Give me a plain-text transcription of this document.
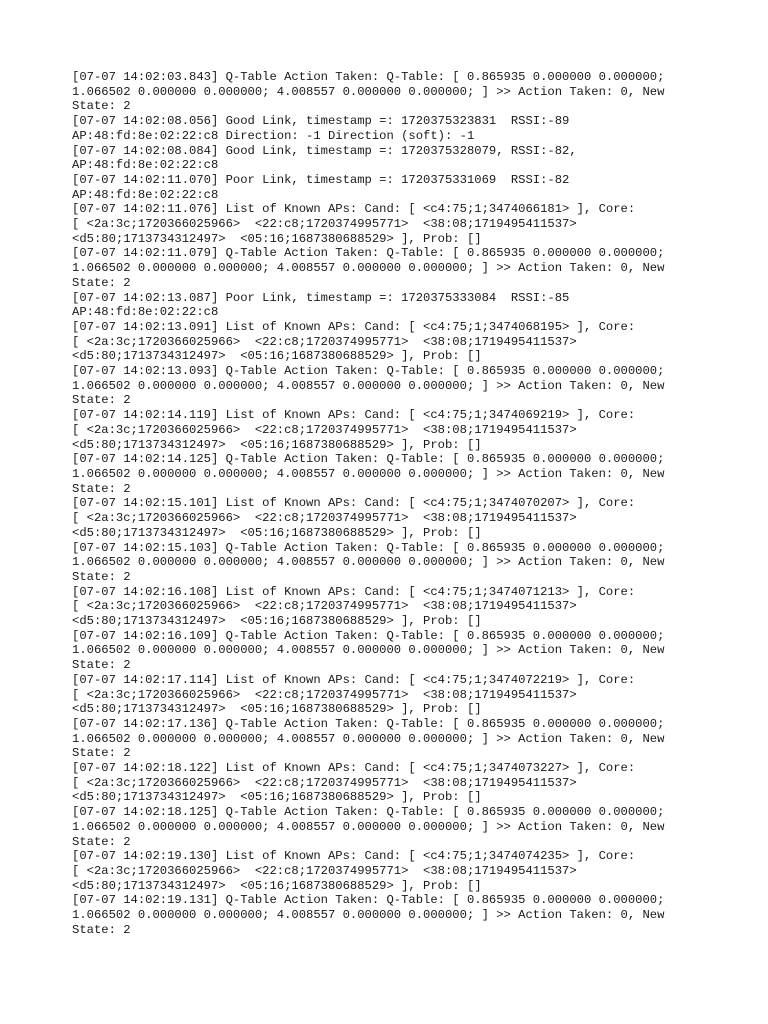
[07-07 14:02:03.843] Q-Table Action Taken: Q-Table: [ 0.865935 0.000000 0.000000;
1.066502 0.000000 0.000000; 4.008557 0.000000 0.000000; ] >> Action Taken: 0, New
State: 2
[07-07 14:02:08.056] Good Link, timestamp =: 1720375323831  RSSI:-89
AP:48:fd:8e:02:22:c8 Direction: -1 Direction (soft): -1
[07-07 14:02:08.084] Good Link, timestamp =: 1720375328079, RSSI:-82,
AP:48:fd:8e:02:22:c8
[07-07 14:02:11.070] Poor Link, timestamp =: 1720375331069  RSSI:-82
AP:48:fd:8e:02:22:c8
[07-07 14:02:11.076] List of Known APs: Cand: [ <c4:75;1;3474066181> ], Core:
[ <2a:3c;1720366025966>  <22:c8;1720374995771>  <38:08;1719495411537>
<d5:80;1713734312497>  <05:16;1687380688529> ], Prob: []
[07-07 14:02:11.079] Q-Table Action Taken: Q-Table: [ 0.865935 0.000000 0.000000;
1.066502 0.000000 0.000000; 4.008557 0.000000 0.000000; ] >> Action Taken: 0, New
State: 2
[07-07 14:02:13.087] Poor Link, timestamp =: 1720375333084  RSSI:-85
AP:48:fd:8e:02:22:c8
[07-07 14:02:13.091] List of Known APs: Cand: [ <c4:75;1;3474068195> ], Core:
[ <2a:3c;1720366025966>  <22:c8;1720374995771>  <38:08;1719495411537>
<d5:80;1713734312497>  <05:16;1687380688529> ], Prob: []
[07-07 14:02:13.093] Q-Table Action Taken: Q-Table: [ 0.865935 0.000000 0.000000;
1.066502 0.000000 0.000000; 4.008557 0.000000 0.000000; ] >> Action Taken: 0, New
State: 2
[07-07 14:02:14.119] List of Known APs: Cand: [ <c4:75;1;3474069219> ], Core:
[ <2a:3c;1720366025966>  <22:c8;1720374995771>  <38:08;1719495411537>
<d5:80;1713734312497>  <05:16;1687380688529> ], Prob: []
[07-07 14:02:14.125] Q-Table Action Taken: Q-Table: [ 0.865935 0.000000 0.000000;
1.066502 0.000000 0.000000; 4.008557 0.000000 0.000000; ] >> Action Taken: 0, New
State: 2
[07-07 14:02:15.101] List of Known APs: Cand: [ <c4:75;1;3474070207> ], Core:
[ <2a:3c;1720366025966>  <22:c8;1720374995771>  <38:08;1719495411537>
<d5:80;1713734312497>  <05:16;1687380688529> ], Prob: []
[07-07 14:02:15.103] Q-Table Action Taken: Q-Table: [ 0.865935 0.000000 0.000000;
1.066502 0.000000 0.000000; 4.008557 0.000000 0.000000; ] >> Action Taken: 0, New
State: 2
[07-07 14:02:16.108] List of Known APs: Cand: [ <c4:75;1;3474071213> ], Core:
[ <2a:3c;1720366025966>  <22:c8;1720374995771>  <38:08;1719495411537>
<d5:80;1713734312497>  <05:16;1687380688529> ], Prob: []
[07-07 14:02:16.109] Q-Table Action Taken: Q-Table: [ 0.865935 0.000000 0.000000;
1.066502 0.000000 0.000000; 4.008557 0.000000 0.000000; ] >> Action Taken: 0, New
State: 2
[07-07 14:02:17.114] List of Known APs: Cand: [ <c4:75;1;3474072219> ], Core:
[ <2a:3c;1720366025966>  <22:c8;1720374995771>  <38:08;1719495411537>
<d5:80;1713734312497>  <05:16;1687380688529> ], Prob: []
[07-07 14:02:17.136] Q-Table Action Taken: Q-Table: [ 0.865935 0.000000 0.000000;
1.066502 0.000000 0.000000; 4.008557 0.000000 0.000000; ] >> Action Taken: 0, New
State: 2
[07-07 14:02:18.122] List of Known APs: Cand: [ <c4:75;1;3474073227> ], Core:
[ <2a:3c;1720366025966>  <22:c8;1720374995771>  <38:08;1719495411537>
<d5:80;1713734312497>  <05:16;1687380688529> ], Prob: []
[07-07 14:02:18.125] Q-Table Action Taken: Q-Table: [ 0.865935 0.000000 0.000000;
1.066502 0.000000 0.000000; 4.008557 0.000000 0.000000; ] >> Action Taken: 0, New
State: 2
[07-07 14:02:19.130] List of Known APs: Cand: [ <c4:75;1;3474074235> ], Core:
[ <2a:3c;1720366025966>  <22:c8;1720374995771>  <38:08;1719495411537>
<d5:80;1713734312497>  <05:16;1687380688529> ], Prob: []
[07-07 14:02:19.131] Q-Table Action Taken: Q-Table: [ 0.865935 0.000000 0.000000;
1.066502 0.000000 0.000000; 4.008557 0.000000 0.000000; ] >> Action Taken: 0, New
State: 2
